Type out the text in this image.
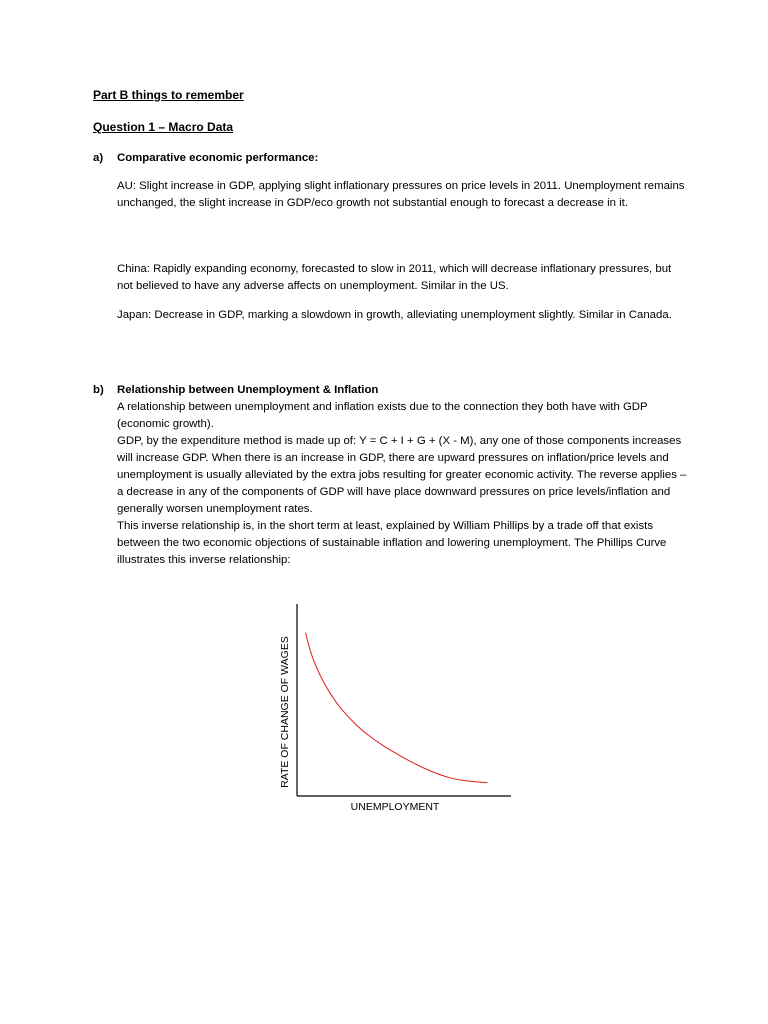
Part B things to remember
Question 1 – Macro Data
a) Comparative economic performance:

AU: Slight increase in GDP, applying slight inflationary pressures on price levels in 2011. Unemployment remains unchanged, the slight increase in GDP/eco growth not substantial enough to forecast a decrease in it.

China: Rapidly expanding economy, forecasted to slow in 2011, which will decrease inflationary pressures, but not believed to have any adverse affects on unemployment. Similar in the US.

Japan: Decrease in GDP, marking a slowdown in growth, alleviating unemployment slightly. Similar in Canada.

b) Relationship between Unemployment & Inflation

A relationship between unemployment and inflation exists due to the connection they both have with GDP (economic growth).

GDP, by the expenditure method is made up of: Y = C + I + G + (X - M), any one of those components increases will increase GDP. When there is an increase in GDP, there are upward pressures on inflation/price levels and unemployment is usually alleviated by the extra jobs resulting for greater economic activity. The reverse applies – a decrease in any of the components of GDP will have place downward pressures on price levels/inflation and generally worsen unemployment rates.

This inverse relationship is, in the short term at least, explained by William Phillips by a trade off that exists between the two economic objections of sustainable inflation and lowering unemployment. The Phillips Curve illustrates this inverse relationship:

UNEMPLOYMENT
RATE OF CHANGE OF WAGES
